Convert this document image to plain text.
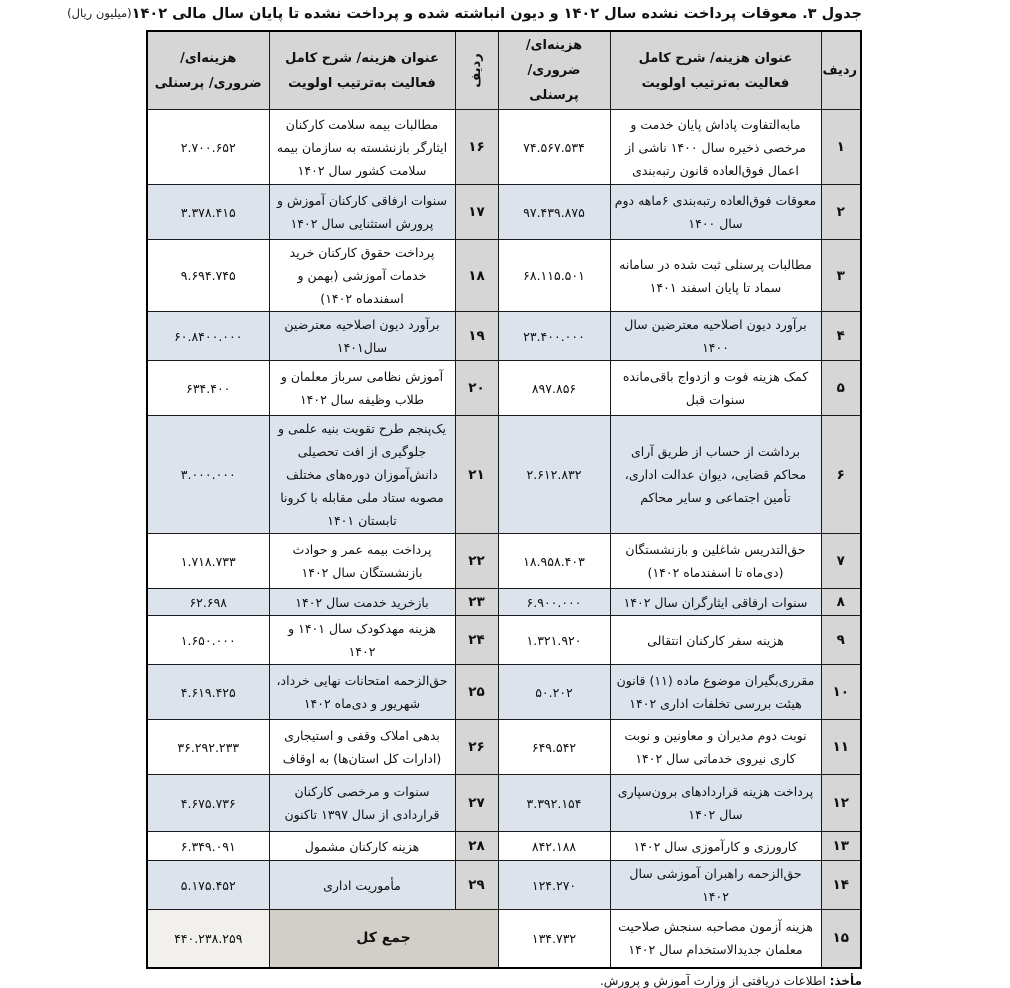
جدول ۳. معوقات پرداخت نشده سال ۱۴۰۲ و دیون انباشته شده و پرداخت نشده تا پایان سال مالی ۱۴۰۲
(میلیون ریال)
ردیف	عنوان هزینه/ شرح کامل فعالیت به‌ترتیب اولویت	هزینه‌ای/ ضروری/ پرسنلی	ردیف	عنوان هزینه/ شرح کامل فعالیت به‌ترتیب اولویت	هزینه‌ای/ ضروری/ پرسنلی
۱	مابه‌التفاوت پاداش پایان خدمت و مرخصی ذخیره سال ۱۴۰۰ ناشی از اعمال فوق‌العاده قانون رتبه‌بندی	۷۴.۵۶۷.۵۳۴	۱۶	مطالبات بیمه سلامت کارکنان ایثارگر بازنشسته به سازمان بیمه سلامت کشور سال ۱۴۰۲	۲.۷۰۰.۶۵۲
۲	معوقات فوق‌العاده رتبه‌بندی ۶ماهه دوم سال ۱۴۰۰	۹۷.۴۳۹.۸۷۵	۱۷	سنوات ارفاقی کارکنان آموزش و پرورش استثنایی سال ۱۴۰۲	۳.۳۷۸.۴۱۵
۳	مطالبات پرسنلی ثبت شده در سامانه سماد تا پایان اسفند ۱۴۰۱	۶۸.۱۱۵.۵۰۱	۱۸	پرداخت حقوق کارکنان خرید خدمات آموزشی (بهمن و اسفندماه ۱۴۰۲)	۹.۶۹۴.۷۴۵
۴	برآورد دیون اصلاحیه معترضین سال ۱۴۰۰	۲۳.۴۰۰.۰۰۰	۱۹	برآورد دیون اصلاحیه معترضین سال۱۴۰۱	۶۰.۸۴۰۰.۰۰۰
۵	کمک هزینه فوت و ازدواج باقی‌مانده سنوات قبل	۸۹۷.۸۵۶	۲۰	آموزش نظامی سرباز معلمان و طلاب وظیفه سال ۱۴۰۲	۶۳۴.۴۰۰
۶	برداشت از حساب از طریق آرای محاکم قضایی، دیوان عدالت اداری، تأمین اجتماعی و سایر محاکم	۲.۶۱۲.۸۳۲	۲۱	یک‌پنجم طرح تقویت بنیه علمی و جلوگیری از افت تحصیلی دانش‌آموزان دوره‌های مختلف مصوبه ستاد ملی مقابله با کرونا تابستان ۱۴۰۱	۳.۰۰۰.۰۰۰
۷	حق‌التدریس شاغلین و بازنشستگان (دی‌ماه تا اسفندماه ۱۴۰۲)	۱۸.۹۵۸.۴۰۳	۲۲	پرداخت بیمه عمر و حوادث بازنشستگان سال ۱۴۰۲	۱.۷۱۸.۷۳۳
۸	سنوات ارفاقی ایثارگران سال ۱۴۰۲	۶.۹۰۰.۰۰۰	۲۳	بازخرید خدمت سال ۱۴۰۲	۶۲.۶۹۸
۹	هزینه سفر کارکنان انتقالی	۱.۳۲۱.۹۲۰	۲۴	هزینه مهدکودک سال ۱۴۰۱ و ۱۴۰۲	۱.۶۵۰.۰۰۰
۱۰	مقرری‌بگیران موضوع ماده (۱۱) قانون هیئت بررسی تخلفات اداری ۱۴۰۲	۵۰.۲۰۲	۲۵	حق‌الزحمه امتحانات نهایی خرداد، شهریور و دی‌ماه ۱۴۰۲	۴.۶۱۹.۴۲۵
۱۱	نوبت دوم مدیران و معاونین و نوبت کاری نیروی خدماتی سال ۱۴۰۲	۶۴۹.۵۴۲	۲۶	بدهی املاک وقفی و استیجاری (ادارات کل استان‌ها) به اوقاف	۳۶.۲۹۲.۲۳۳
۱۲	پرداخت هزینه قراردادهای برون‌سپاری سال ۱۴۰۲	۳.۳۹۲.۱۵۴	۲۷	سنوات و مرخصی کارکنان قراردادی از سال ۱۳۹۷ تاکنون	۴.۶۷۵.۷۳۶
۱۳	کارورزی و کارآموزی سال ۱۴۰۲	۸۴۲.۱۸۸	۲۸	هزینه کارکنان مشمول	۶.۳۴۹.۰۹۱
۱۴	حق‌الزحمه راهبران آموزشی سال ۱۴۰۲	۱۲۴.۲۷۰	۲۹	مأموریت اداری	۵.۱۷۵.۴۵۲
۱۵	هزینه آزمون مصاحبه سنجش صلاحیت معلمان جدیدالاستخدام سال ۱۴۰۲	۱۳۴.۷۳۲	جمع کل		۴۴۰.۲۳۸.۲۵۹
مأخذ: اطلاعات دریافتی از وزارت آموزش و پرورش.
